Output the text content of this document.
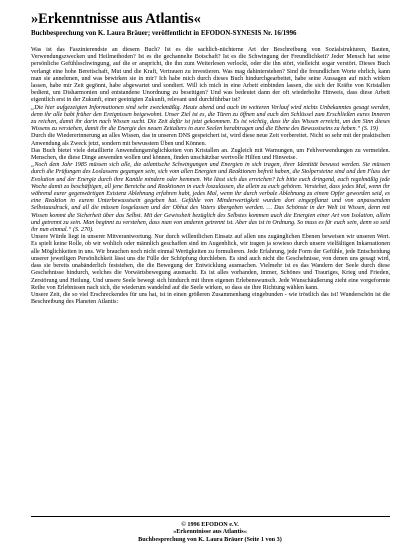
»Erkenntnisse aus Atlantis«
Buchbesprechung von K. Laura Bräuer; veröffentlicht in EFODON-SYNESIS Nr. 16/1996

Was ist das Faszinierendste an diesem Buch? Ist es die sachlich-nüchterne Art der Beschreibung von Sozialstrukturen, Bauten, Verwendungszwecken und Heilmethoden? Ist es die gechanneltе Botschaft? Ist es die Schwingung der Freundlichkeit? Jeder Mensch hat seine persönliche Gefühlsschwingung, auf die er anspricht, die ihn zum Weiterlesen verlockt, oder die ihn stört, vielleicht sogar verstört. Dieses Buch verlangt eine hohe Bereitschaft, Mut und die Kraft, Vertrauen zu investieren. Was mag dahinterstehen? Sind die freundlichen Worte ehrlich, kann man sie annehmen, und was bewirken sie in mir? Ich habe mich durch dieses Buch hindurchgearbeitet, habe seine Aussagen auf mich wirken lassen, habe mir Zeit gegönnt, habe abgewartet und sondiert. Will ich mich in eine Arbeit einbinden lassen, die sich der Kräfte von Kristallen bedient, um Disharmonien und entstandene Unordnung zu beseitigen? Und was bedeutet dann der oft wiederholte Hinweis, dass diese Arbeit eigentlich erst in der Zukunft, einer geeinigten Zukunft, relevant und durchführbar ist?

„Die hier aufgezeigten Informationen sind sehr zweckmäßig. Heute abend und auch im weiteren Verlauf wird nichts Unbekanntes gesagt werden, denn ihr alle habt früher den Ereignissen beigewohnt. Unser Ziel ist es, die Türen zu öffnen und euch den Schlüssel zum Erschließen eures Inneren zu reichen, damit ihr darin nach Wissen sucht. Die Zeit dafür ist jetzt gekommen. Es ist wichtig, dass ihr das Wissen erreicht, um den Sinn dieses Wissens zu verstehen, damit ihr die Energie des neuen Zeitalters in eure Seelen herabtragen und die Ebene des Bewusstseins zu heben.“ (S. 19)

Durch die Wiedererinnerung an alles Wissen, das in unseren DNS gespeichert ist, wird diese neue Zeit vorbereitet. Nicht so sehr mit der praktischen Anwendung als Zweck jetzt, sondern mit bewusstem Üben und Können.

Das Buch bietet viele detaillierte Anwendungsmöglichkeiten von Kristallen an. Zugleich mit Warnungen, um Fehlverwendungen zu vermeiden. Menschen, die diese Dinge anwenden wollen und können, finden unschätzbar wertvolle Hilfen und Hinweise.

„Noch dem Jahr 1985 müssen sich alle, die atlantische Schwingungen und Energien in sich tragen, ihrer Identität bewusst werden. Sie müssen durch die Prüfungen des Loslassens gegangen sein, sich vom allen Energien und Reaktionen befreit haben, die Stolpersteine sind und den Fluss der Evolution und der Energie durch ihre Kanäle mindern oder hemmen. Wie lässt sich das erreichen? Ich bitte euch dringend, euch regelmäßig jede Woche damit zu beschäftigen, all jene Bereiche und Reaktionen in euch loszulassen, die allein zu euch gehören. Verstehet, dass jedes Mal, wenn ihr während eurer gegenwärtigen Existenz Ablehnung erfahren habt, jedes Mal, wenn ihr durch verbale Ablehnung zu einem Opfer geworden seid, es eine Reaktion in eurem Unterbewusstsein gegeben hat. Gefühle von Minderwertigkeit wurden dort eingepflanzt und von anpassendem Selbstausdruck, und all die müssen losgelassen und der Obhut des Vaters übergeben werden. … Das Schönste in der Welt ist Wissen, denn mit Wissen kommt die Sicherheit über das Selbst. Mit der Gewissheit bezüglich des Selbstes kommen auch die Energien einer Art von Isolation, allein und getrennt zu sein. Man beginnt zu verstehen, dass man von anderen getrennt ist. Aber das ist in Ordnung. So muss es für euch sein, denn so seid ihr nun einmal.“ (S. 270).

Unsere Würde liegt in unserer Mitverantwortung. Nur durch willentlichen Einsatz auf allen uns zugänglichen Ebenen beweisen wir unseren Wert. Es spielt keine Rolle, ob wir wohlich oder männlich geschaffen sind im Augenblick, wir tragen ja sowieso durch unsere vielfältigen Inkarnationen alle Möglichkeiten in uns. Wir brauchen noch nicht einmal Wertigkeiten zu formulieren. Jede Erfahrung, jede Form der Gefühle, jede Entscheidung unserer jeweiligen Persönlichkeit lässt uns die Fülle der Schöpfung durchleben. Es sind auch nicht die Geschehnisse, von denen uns gesagt wird, dass sie bereits unabänderlich feststehen, die die Bewegung der Entwicklung ausmachen. Vielmehr ist es das Wandern der Seele durch diese Geschehnisse hindurch, welches die Vorwärtsbewegung ausmacht. Es ist alles vorhanden, immer, Schönes und Trauriges, Krieg und Frieden, Zerstörung und Heilung. Und unsere Seele bewegt sich hindurch mit ihren eigenen Erlebenswunsch. Jede Wunschäußerung zieht eine vorgeformte Reihe von Erlebnissen nach sich, die wiederum wandelnd auf die Seele wirken, so dass sie ihre Richtung wählen kann.

Unsere Zeit, die so viel Erschreckendes für uns hat, ist in einen größeren Zusammenhang eingebunden - wie tröstlich das ist! Wunderschön ist die Beschreibung des Planeten Atlantis:

© 1996 EFODON e.V.
»Erkenntnisse aus Atlantis«
Buchbesprechung von K. Laura Bräuer (Seite 1 von 3)
